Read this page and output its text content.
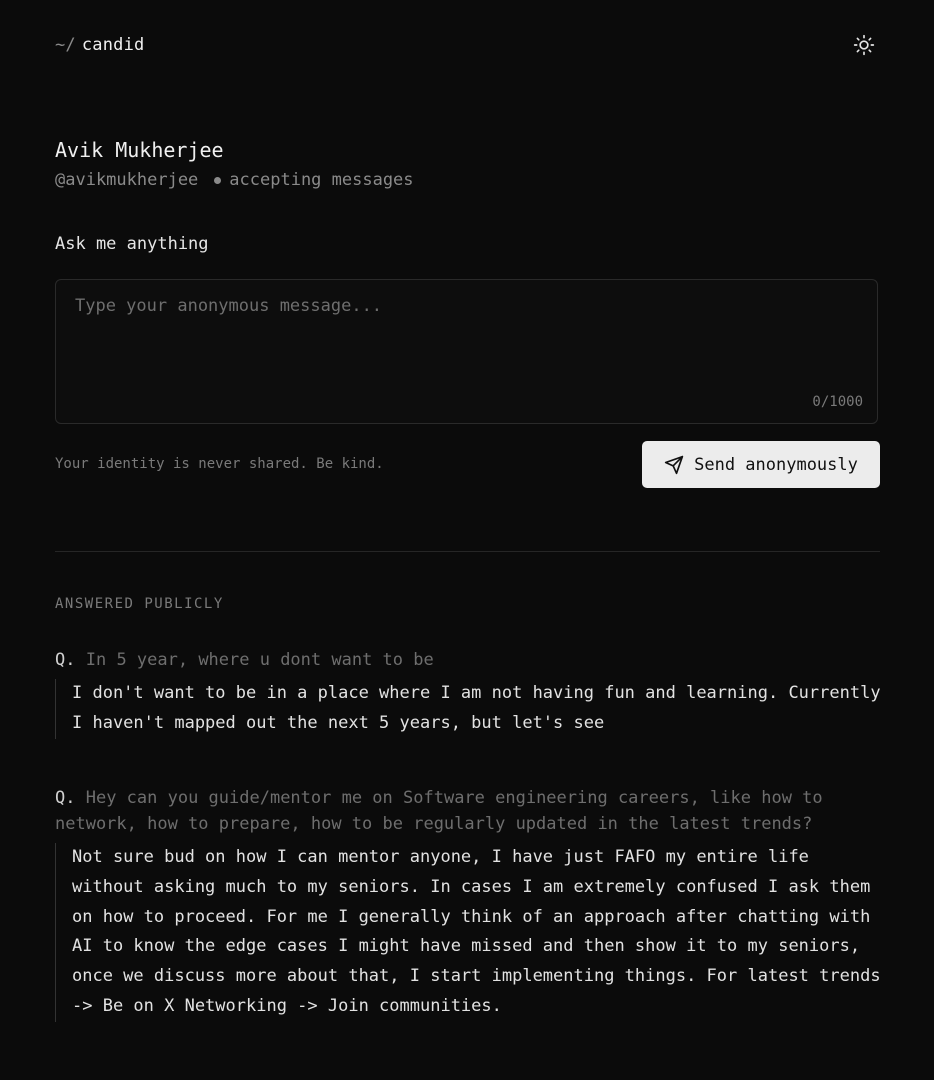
~/ candid
Avik Mukherjee
@avikmukherjee accepting messages
Ask me anything
Type your anonymous message...
0/1000
Your identity is never shared. Be kind.	Send anonymously
ANSWERED PUBLICLY
Q. In 5 year, where u dont want to be
I don't want to be in a place where I am not having fun and learning. Currently I haven't mapped out the next 5 years, but let's see
Q. Hey can you guide/mentor me on Software engineering careers, like how to network, how to prepare, how to be regularly updated in the latest trends?
Not sure bud on how I can mentor anyone, I have just FAFO my entire life without asking much to my seniors. In cases I am extremely confused I ask them on how to proceed. For me I generally think of an approach after chatting with AI to know the edge cases I might have missed and then show it to my seniors, once we discuss more about that, I start implementing things. For latest trends -> Be on X Networking -> Join communities.
